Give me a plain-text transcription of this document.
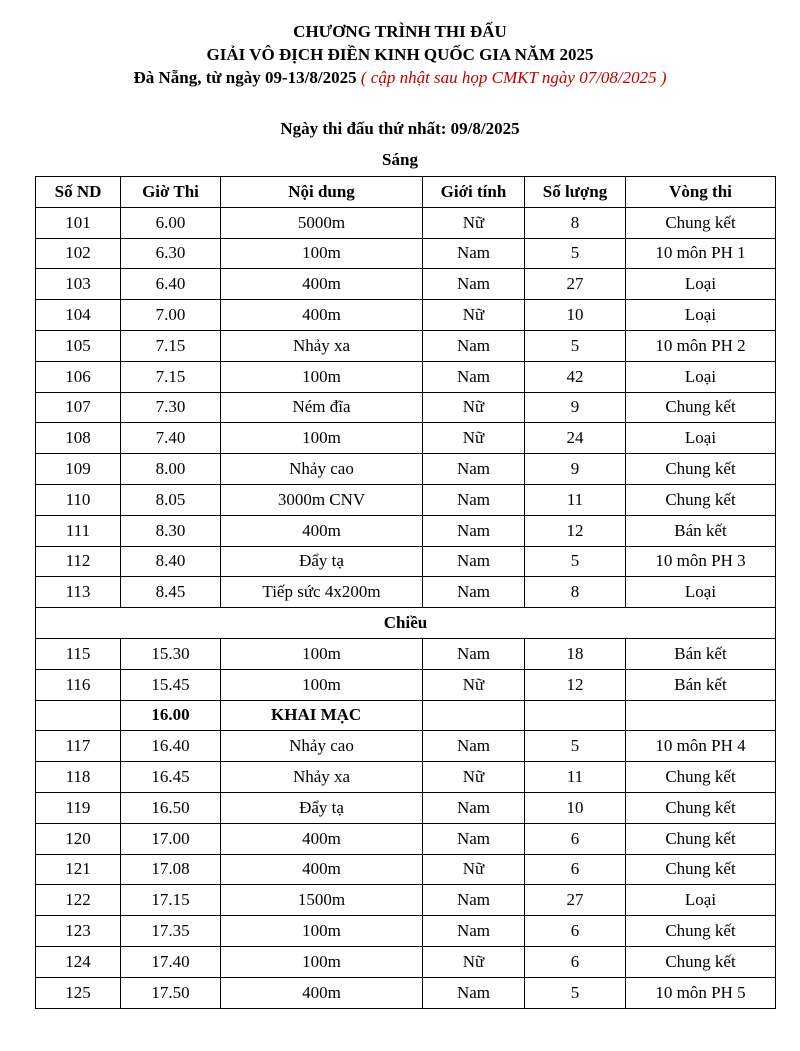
CHƯƠNG TRÌNH THI ĐẤU
GIẢI VÔ ĐỊCH ĐIỀN KINH QUỐC GIA NĂM 2025
Đà Nẵng, từ ngày 09-13/8/2025 ( cập nhật sau họp CMKT ngày 07/08/2025 )
Ngày thi đấu thứ nhất: 09/8/2025
Sáng
Số ND	Giờ Thi	Nội dung	Giới tính	Số lượng	Vòng thi
101	6.00	5000m	Nữ	8	Chung kết
102	6.30	100m	Nam	5	10 môn PH 1
103	6.40	400m	Nam	27	Loại
104	7.00	400m	Nữ	10	Loại
105	7.15	Nhảy xa	Nam	5	10 môn PH 2
106	7.15	100m	Nam	42	Loại
107	7.30	Ném đĩa	Nữ	9	Chung kết
108	7.40	100m	Nữ	24	Loại
109	8.00	Nhảy cao	Nam	9	Chung kết
110	8.05	3000m CNV	Nam	11	Chung kết
111	8.30	400m	Nam	12	Bán kết
112	8.40	Đẩy tạ	Nam	5	10 môn PH 3
113	8.45	Tiếp sức 4x200m	Nam	8	Loại
Chiều					
115	15.30	100m	Nam	18	Bán kết
116	15.45	100m	Nữ	12	Bán kết
	16.00	KHAI MẠC			
117	16.40	Nhảy cao	Nam	5	10 môn PH 4
118	16.45	Nhảy xa	Nữ	11	Chung kết
119	16.50	Đẩy tạ	Nam	10	Chung kết
120	17.00	400m	Nam	6	Chung kết
121	17.08	400m	Nữ	6	Chung kết
122	17.15	1500m	Nam	27	Loại
123	17.35	100m	Nam	6	Chung kết
124	17.40	100m	Nữ	6	Chung kết
125	17.50	400m	Nam	5	10 môn PH 5
